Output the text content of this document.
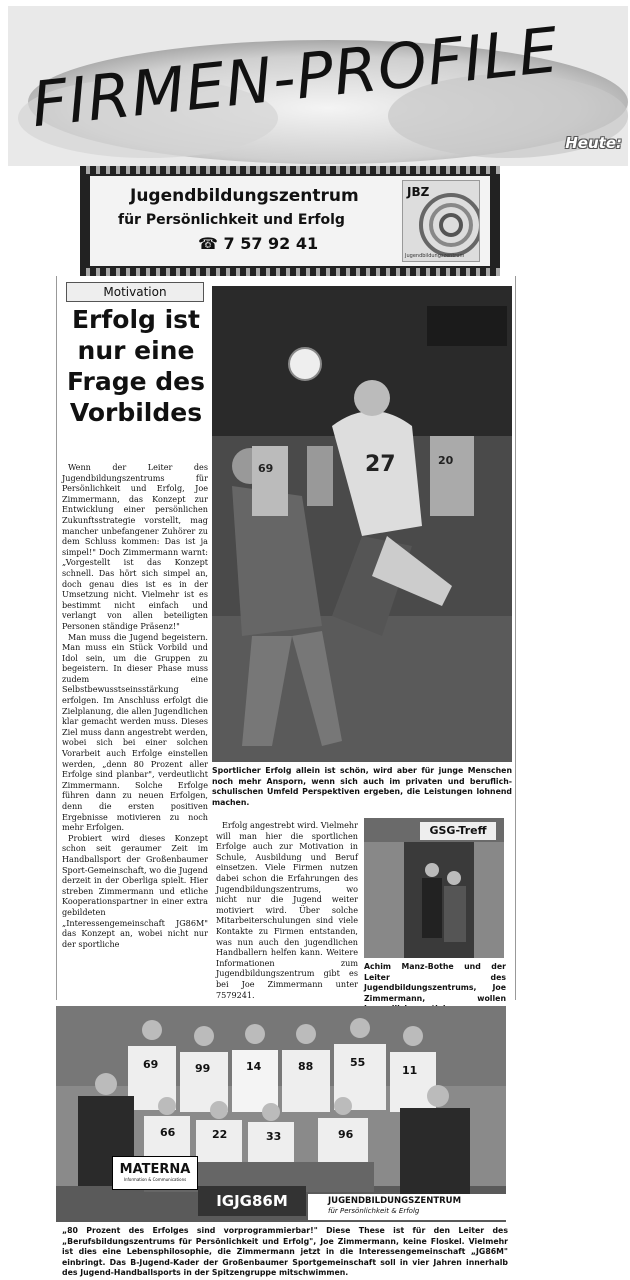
FIRMEN-PROFILE
Heute:
Jugendbildungszentrum
für Persönlichkeit und Erfolg
☎ 7 57 92 41
JBZ
Jugendbildungszentrum
Motivation
Erfolg ist nur eine Frage des Vorbildes
69
20
27
Sportlicher Erfolg allein ist schön, wird aber für junge Menschen noch mehr Ansporn, wenn sich auch im privaten und beruflich-schulischen Umfeld Perspektiven ergeben, die Leistungen lohnend machen.

Wenn der Leiter des Jugendbildungszentrums für Persönlichkeit und Erfolg, Joe Zimmermann, das Konzept zur Entwicklung einer persönlichen Zukunftsstrategie vorstellt, mag mancher unbefangener Zuhörer zu dem Schluss kommen: Das ist ja simpel!" Doch Zimmermann warnt: „Vorgestellt ist das Konzept schnell. Das hört sich simpel an, doch genau dies ist es in der Umsetzung nicht. Vielmehr ist es bestimmt nicht einfach und verlangt von allen beteiligten Personen ständige Präsenz!"

Man muss die Jugend begeistern. Man muss ein Stück Vorbild und Idol sein, um die Gruppen zu begeistern. In dieser Phase muss zudem eine Selbstbewusstseinsstärkung erfolgen. Im Anschluss erfolgt die Zielplanung, die allen Jugendlichen klar gemacht werden muss. Dieses Ziel muss dann angestrebt werden, wobei sich bei einer solchen Vorarbeit auch Erfolge einstellen werden, „denn 80 Prozent aller Erfolge sind planbar", verdeutlicht Zimmermann. Solche Erfolge führen dann zu neuen Erfolgen, denn die ersten positiven Ergebnisse motivieren zu noch mehr Erfolgen.

Probiert wird dieses Konzept schon seit geraumer Zeit im Handballsport der Großenbaumer Sport-Gemeinschaft, wo die Jugend derzeit in der Oberliga spielt. Hier streben Zimmermann und etliche Kooperationspartner in einer extra gebildeten „Interessengemeinschaft JG86M" das Konzept an, wobei nicht nur der sportliche

Erfolg angestrebt wird. Vielmehr will man hier die sportlichen Erfolge auch zur Motivation in Schule, Ausbildung und Beruf einsetzen. Viele Firmen nutzen dabei schon die Erfahrungen des Jugendbildungszentrums, wo nicht nur die Jugend weiter motiviert wird. Über solche Mitarbeiterschulungen sind viele Kontakte zu Firmen entstanden, was nun auch den jugendlichen Handballern helfen kann. Weitere Informationen zum Jugendbildungszentrum gibt es bei Joe Zimmermann unter 7579241.

GSG-Treff
Achim Manz-Bothe und der Leiter des Jugendbildungszentrums, Joe Zimmermann, wollen
69	99	14	88	55
11
66	22	33	96
MATERNA
Information & Communications
IGJG86M	JUGENDBILDUNGSZENTRUM
für Persönlichkeit & Erfolg
„80 Prozent des Erfolges sind vorprogrammierbar!" Diese These ist für den Leiter des „Berufsbildungszentrums für Persönlichkeit und Erfolg", Joe Zimmermann, keine Floskel. Vielmehr ist dies eine Lebensphilosophie, die Zimmermann jetzt in die Interessengemeinschaft „JG86M" einbringt. Das B-Jugend-Kader der Großenbaumer Sportgemeinschaft soll in vier Jahren innerhalb des Jugend-Handballsports in der Spitzengruppe mitschwimmen.
